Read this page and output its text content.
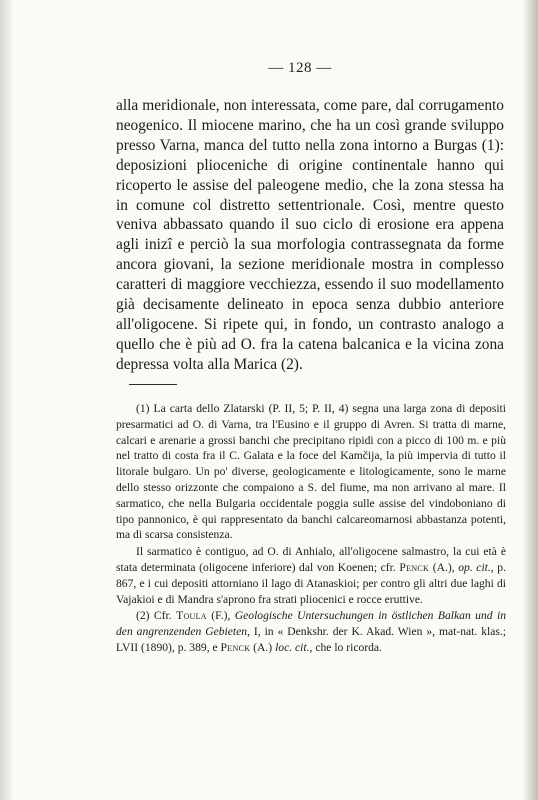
— 128 —

alla meridionale, non interessata, come pare, dal corrugamento neogenico. Il miocene marino, che ha un così grande sviluppo presso Varna, manca del tutto nella zona intorno a Burgas (1): deposizioni plioceniche di origine continentale hanno qui ricoperto le assise del paleogene medio, che la zona stessa ha in comune col distretto settentrionale. Così, mentre questo veniva abbassato quando il suo ciclo di erosione era appena agli inizî e perciò la sua morfologia contrassegnata da forme ancora giovani, la sezione meridionale mostra in complesso caratteri di maggiore vecchiezza, essendo il suo modellamento già decisamente delineato in epoca senza dubbio anteriore all'oligocene. Si ripete qui, in fondo, un contrasto analogo a quello che è più ad O. fra la catena balcanica e la vicina zona depressa volta alla Marica (2).

(1) La carta dello Zlatarski (P. II, 5; P. II, 4) segna una larga zona di depositi presarmatici ad O. di Varna, tra l'Eusino e il gruppo di Avren. Si tratta di marne, calcari e arenarie a grossi banchi che precipitano ripidi con a picco di 100 m. e più nel tratto di costa fra il C. Galata e la foce del Kamčija, la più impervia di tutto il litorale bulgaro. Un po' diverse, geologicamente e litologicamente, sono le marne dello stesso orizzonte che compaiono a S. del fiume, ma non arrivano al mare. Il sarmatico, che nella Bulgaria occidentale poggia sulle assise del vindoboniano di tipo pannonico, è qui rappresentato da banchi calcareomarnosi abbastanza potenti, ma di scarsa consistenza.

Il sarmatico è contiguo, ad O. di Anhialo, all'oligocene salmastro, la cui età è stata determinata (oligocene inferiore) dal von Koenen; cfr. Penck (A.), op. cit., p. 867, e i cui depositi attorniano il lago di Atanaskioi; per contro gli altri due laghi di Vajakioi e di Mandra s'aprono fra strati pliocenici e rocce eruttive.

(2) Cfr. Toula (F.), Geologische Untersuchungen in östlichen Balkan und in den angrenzenden Gebieten, I, in « Denkshr. der K. Akad. Wien », mat-nat. klas.; LVII (1890), p. 389, e Penck (A.) loc. cit., che lo ricorda.
